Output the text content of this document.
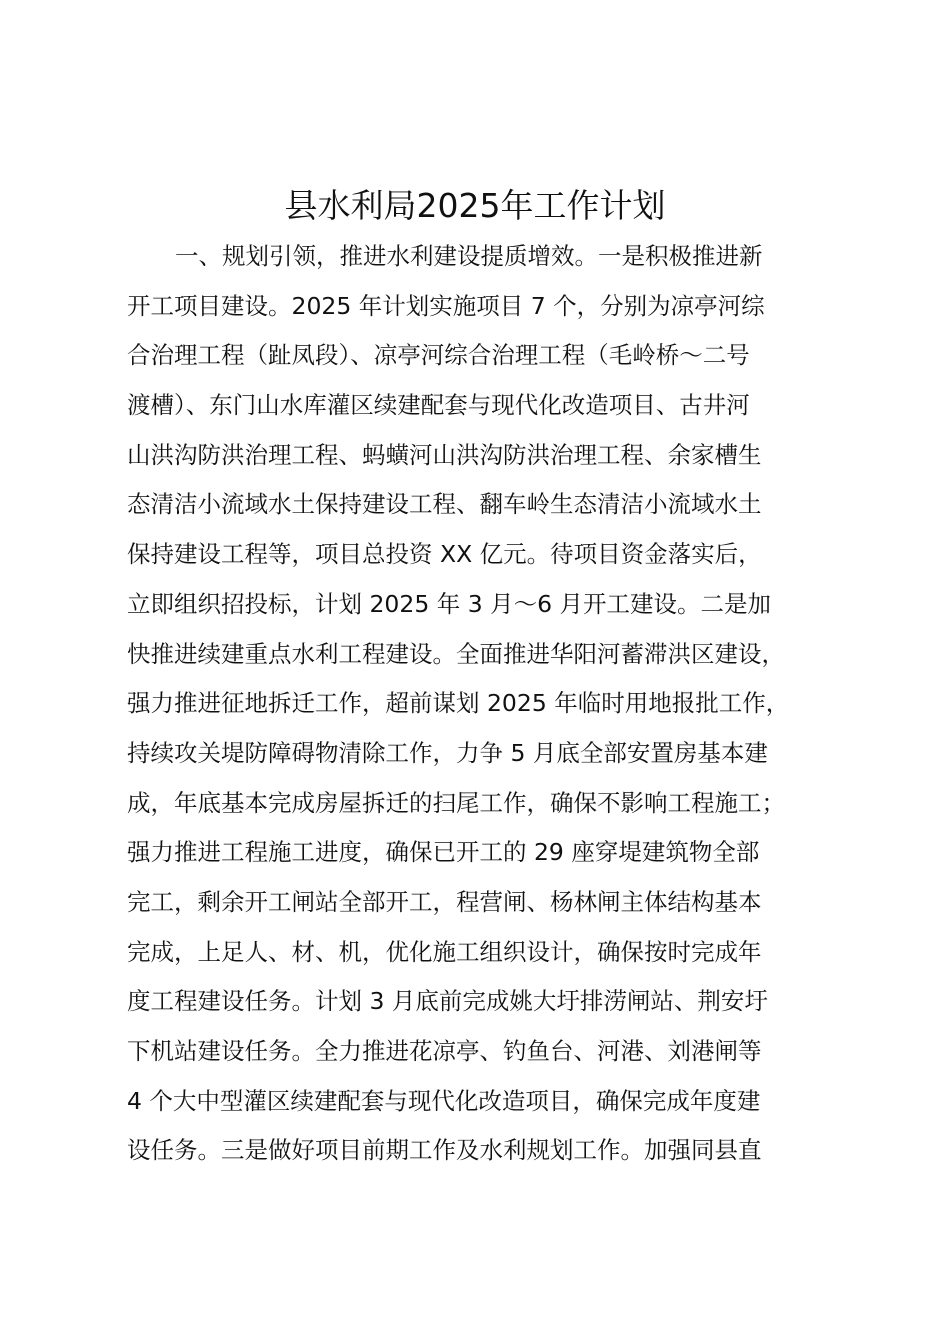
县水利局2025年工作计划
一、规划引领，推进水利建设提质增效。一是积极推进新
开工项目建设。2025 年计划实施项目 7 个，分别为凉亭河综
合治理工程（趾凤段）、凉亭河综合治理工程（毛岭桥～二号
渡槽）、东门山水库灌区续建配套与现代化改造项目、古井河
山洪沟防洪治理工程、蚂蟥河山洪沟防洪治理工程、余家槽生
态清洁小流域水土保持建设工程、翻车岭生态清洁小流域水土
保持建设工程等，项目总投资 XX 亿元。待项目资金落实后，
立即组织招投标，计划 2025 年 3 月～6 月开工建设。二是加
快推进续建重点水利工程建设。全面推进华阳河蓄滞洪区建设，
强力推进征地拆迁工作，超前谋划 2025 年临时用地报批工作，
持续攻关堤防障碍物清除工作，力争 5 月底全部安置房基本建
成，年底基本完成房屋拆迁的扫尾工作，确保不影响工程施工；
强力推进工程施工进度，确保已开工的 29 座穿堤建筑物全部
完工，剩余开工闸站全部开工，程营闸、杨林闸主体结构基本
完成，上足人、材、机，优化施工组织设计，确保按时完成年
度工程建设任务。计划 3 月底前完成姚大圩排涝闸站、荆安圩
下机站建设任务。全力推进花凉亭、钓鱼台、河港、刘港闸等
4 个大中型灌区续建配套与现代化改造项目，确保完成年度建
设任务。三是做好项目前期工作及水利规划工作。加强同县直
